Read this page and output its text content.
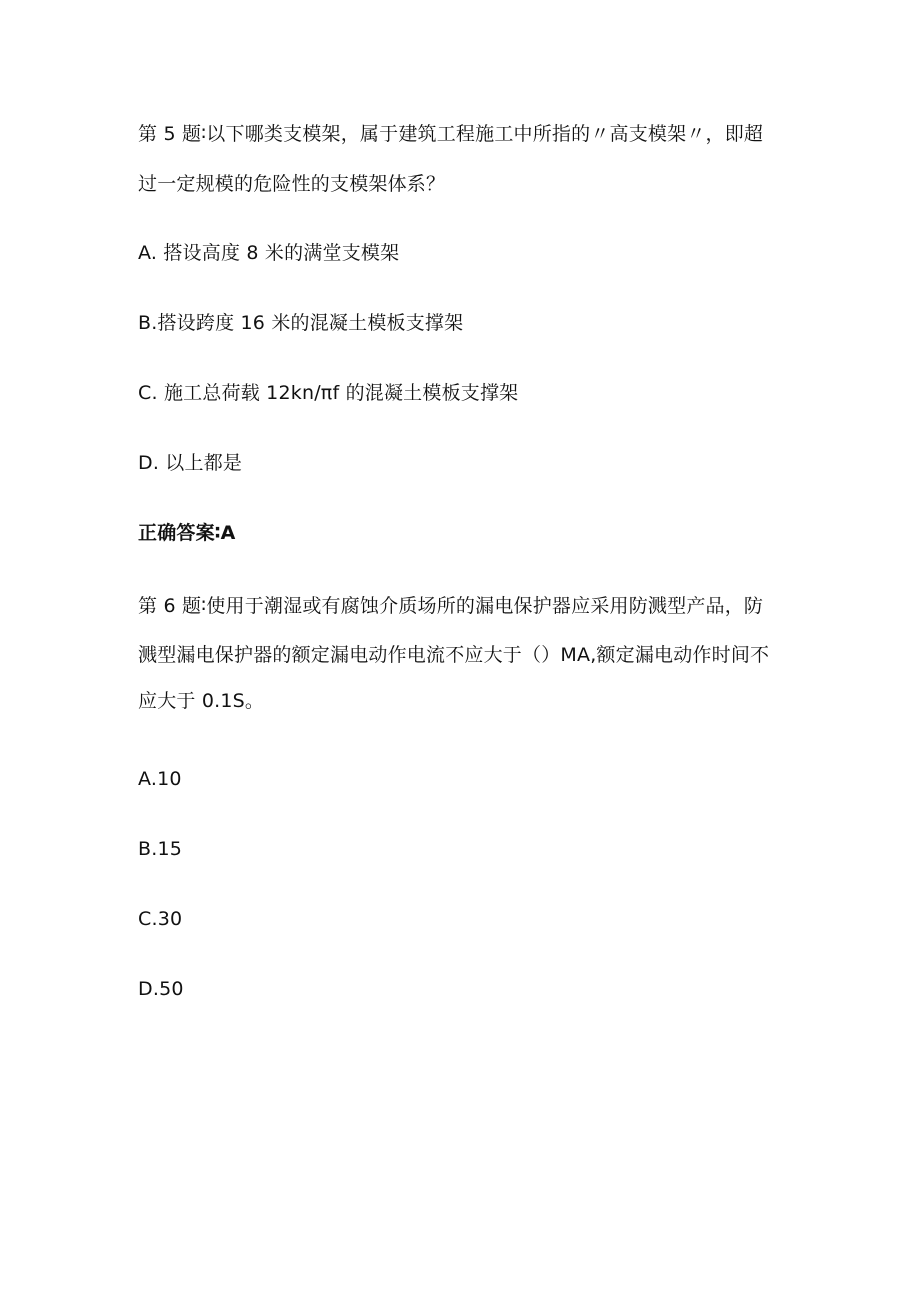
第 5 题∶以下哪类支模架，属于建筑工程施工中所指的〃高支模架〃，即超
过一定规模的危险性的支模架体系？
A. 搭设高度 8 米的满堂支模架
B.搭设跨度 16 米的混凝土模板支撑架
C. 施工总荷载 12kn∕πf 的混凝土模板支撑架
D. 以上都是
正确答案∶A
第 6 题∶使用于潮湿或有腐蚀介质场所的漏电保护器应采用防溅型产品，防
溅型漏电保护器的额定漏电动作电流不应大于（）MA,额定漏电动作时间不
应大于 0.1S。
A.10
B.15
C.30
D.50
